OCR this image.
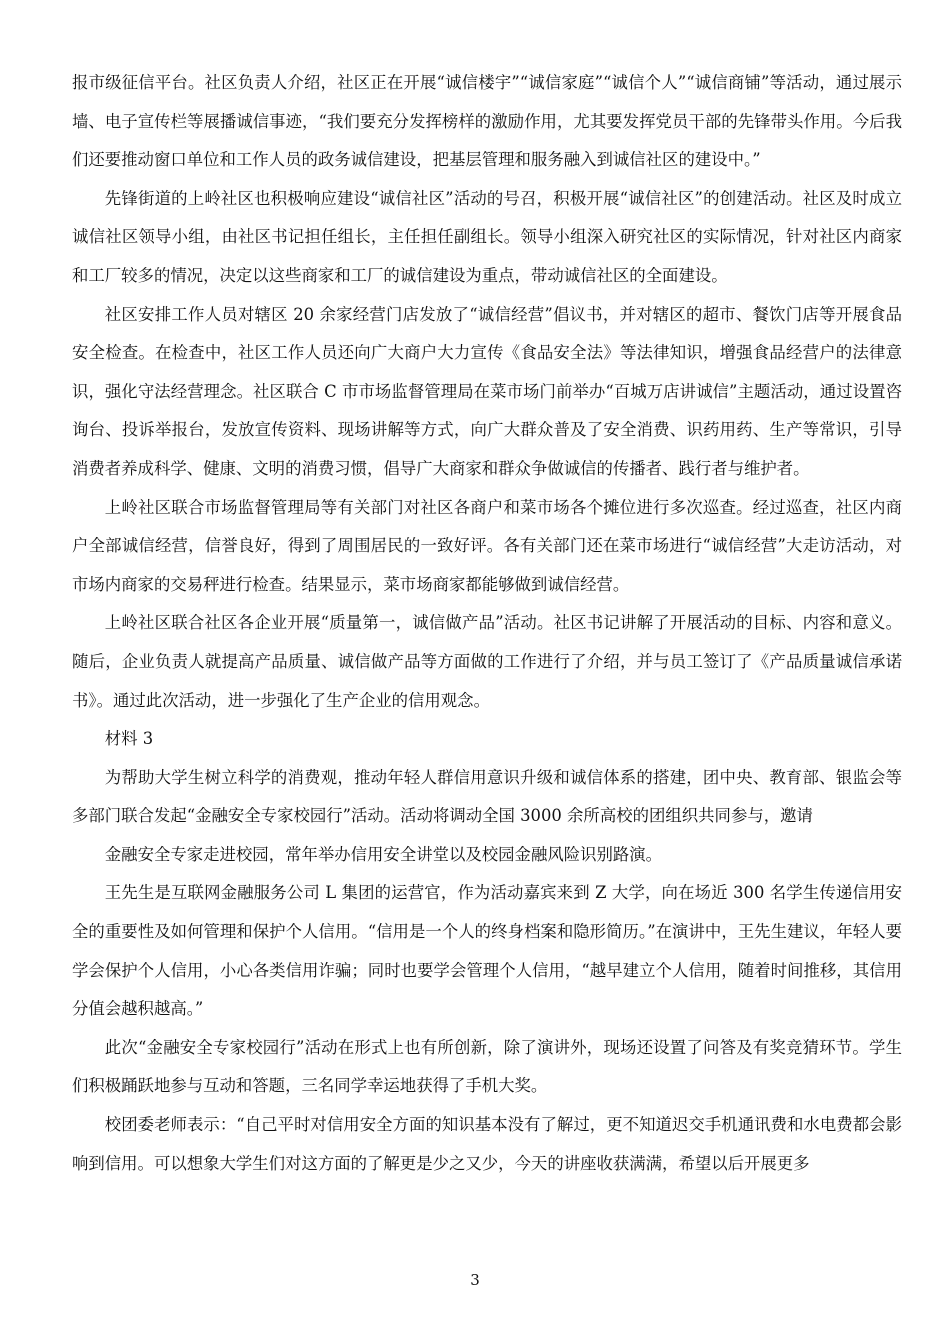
报市级征信平台。社区负责人介绍，社区正在开展“诚信楼宇”“诚信家庭”“诚信个人”“诚信商铺”等活动，通过展示墙、电子宣传栏等展播诚信事迹，“我们要充分发挥榜样的激励作用，尤其要发挥党员干部的先锋带头作用。今后我们还要推动窗口单位和工作人员的政务诚信建设，把基层管理和服务融入到诚信社区的建设中。”

先锋街道的上岭社区也积极响应建设“诚信社区”活动的号召，积极开展“诚信社区”的创建活动。社区及时成立诚信社区领导小组，由社区书记担任组长，主任担任副组长。领导小组深入研究社区的实际情况，针对社区内商家和工厂较多的情况，决定以这些商家和工厂的诚信建设为重点，带动诚信社区的全面建设。

社区安排工作人员对辖区 20 余家经营门店发放了“诚信经营”倡议书，并对辖区的超市、餐饮门店等开展食品安全检查。在检查中，社区工作人员还向广大商户大力宣传《食品安全法》等法律知识，增强食品经营户的法律意识，强化守法经营理念。社区联合 C 市市场监督管理局在菜市场门前举办“百城万店讲诚信”主题活动，通过设置咨询台、投诉举报台，发放宣传资料、现场讲解等方式，向广大群众普及了安全消费、识药用药、生产等常识，引导消费者养成科学、健康、文明的消费习惯，倡导广大商家和群众争做诚信的传播者、践行者与维护者。

上岭社区联合市场监督管理局等有关部门对社区各商户和菜市场各个摊位进行多次巡查。经过巡查，社区内商户全部诚信经营，信誉良好，得到了周围居民的一致好评。各有关部门还在菜市场进行“诚信经营”大走访活动，对市场内商家的交易秤进行检查。结果显示，菜市场商家都能够做到诚信经营。

上岭社区联合社区各企业开展“质量第一，诚信做产品”活动。社区书记讲解了开展活动的目标、内容和意义。随后，企业负责人就提高产品质量、诚信做产品等方面做的工作进行了介绍，并与员工签订了《产品质量诚信承诺书》。通过此次活动，进一步强化了生产企业的信用观念。

材料 3

为帮助大学生树立科学的消费观，推动年轻人群信用意识升级和诚信体系的搭建，团中央、教育部、银监会等多部门联合发起“金融安全专家校园行”活动。活动将调动全国 3000 余所高校的团组织共同参与，邀请

金融安全专家走进校园，常年举办信用安全讲堂以及校园金融风险识别路演。

王先生是互联网金融服务公司 L 集团的运营官，作为活动嘉宾来到 Z 大学，向在场近 300 名学生传递信用安全的重要性及如何管理和保护个人信用。“信用是一个人的终身档案和隐形简历。”在演讲中，王先生建议，年轻人要学会保护个人信用，小心各类信用诈骗；同时也要学会管理个人信用，“越早建立个人信用，随着时间推移，其信用分值会越积越高。”

此次“金融安全专家校园行”活动在形式上也有所创新，除了演讲外，现场还设置了问答及有奖竞猜环节。学生们积极踊跃地参与互动和答题，三名同学幸运地获得了手机大奖。

校团委老师表示：“自己平时对信用安全方面的知识基本没有了解过，更不知道迟交手机通讯费和水电费都会影响到信用。可以想象大学生们对这方面的了解更是少之又少，今天的讲座收获满满，希望以后开展更多

3
